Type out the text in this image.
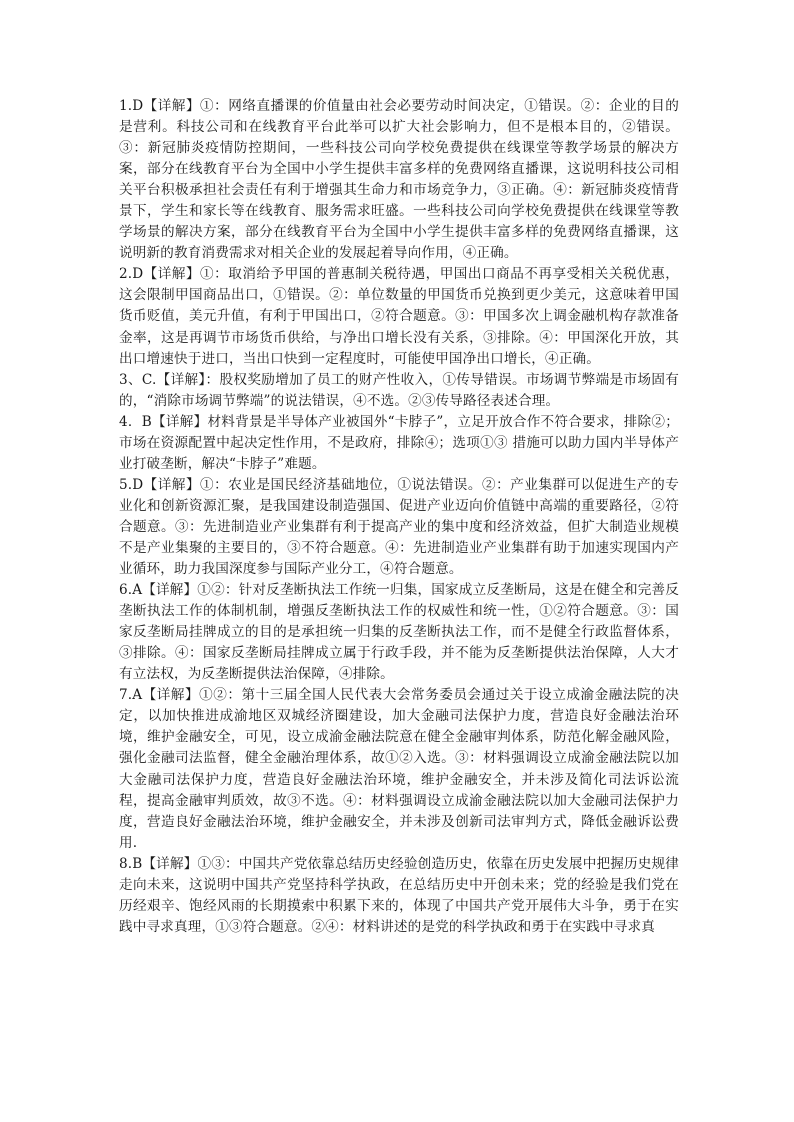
1.D【详解】①：网络直播课的价值量由社会必要劳动时间决定，①错误。②：企业的目的是营利。科技公司和在线教育平台此举可以扩大社会影响力，但不是根本目的，②错误。③：新冠肺炎疫情防控期间，一些科技公司向学校免费提供在线课堂等教学场景的解决方案，部分在线教育平台为全国中小学生提供丰富多样的免费网络直播课，这说明科技公司相关平台积极承担社会责任有利于增强其生命力和市场竞争力，③正确。④：新冠肺炎疫情背景下，学生和家长等在线教育、服务需求旺盛。一些科技公司向学校免费提供在线课堂等教学场景的解决方案，部分在线教育平台为全国中小学生提供丰富多样的免费网络直播课，这说明新的教育消费需求对相关企业的发展起着导向作用，④正确。

2.D【详解】①：取消给予甲国的普惠制关税待遇，甲国出口商品不再享受相关关税优惠，这会限制甲国商品出口，①错误。②：单位数量的甲国货币兑换到更少美元，这意味着甲国货币贬值，美元升值，有利于甲国出口，②符合题意。③：甲国多次上调金融机构存款准备金率，这是再调节市场货币供给，与净出口增长没有关系，③排除。④：甲国深化开放，其出口增速快于进口，当出口快到一定程度时，可能使甲国净出口增长，④正确。

3、C.【详解】：股权奖励增加了员工的财产性收入，①传导错误。市场调节弊端是市场固有的，“消除市场调节弊端”的说法错误，④不选。②③传导路径表述合理。

4．B【详解】材料背景是半导体产业被国外“卡脖子”，立足开放合作不符合要求，排除②；市场在资源配置中起决定性作用，不是政府，排除④；选项①③ 措施可以助力国内半导体产业打破垄断，解决“卡脖子”难题。

5.D【详解】①：农业是国民经济基础地位，①说法错误。②：产业集群可以促进生产的专业化和创新资源汇聚，是我国建设制造强国、促进产业迈向价值链中高端的重要路径，②符合题意。③：先进制造业产业集群有利于提高产业的集中度和经济效益，但扩大制造业规模不是产业集聚的主要目的，③不符合题意。④：先进制造业产业集群有助于加速实现国内产业循环，助力我国深度参与国际产业分工，④符合题意。

6.A【详解】①②：针对反垄断执法工作统一归集，国家成立反垄断局，这是在健全和完善反垄断执法工作的体制机制，增强反垄断执法工作的权威性和统一性，①②符合题意。③：国家反垄断局挂牌成立的目的是承担统一归集的反垄断执法工作，而不是健全行政监督体系，③排除。④：国家反垄断局挂牌成立属于行政手段，并不能为反垄断提供法治保障，人大才有立法权，为反垄断提供法治保障，④排除。

7.A【详解】①②：第十三届全国人民代表大会常务委员会通过关于设立成渝金融法院的决定，以加快推进成渝地区双城经济圈建设，加大金融司法保护力度，营造良好金融法治环境，维护金融安全，可见，设立成渝金融法院意在健全金融审判体系，防范化解金融风险，强化金融司法监督，健全金融治理体系，故①②入选。③：材料强调设立成渝金融法院以加大金融司法保护力度，营造良好金融法治环境，维护金融安全，并未涉及简化司法诉讼流程，提高金融审判质效，故③不选。④：材料强调设立成渝金融法院以加大金融司法保护力度，营造良好金融法治环境，维护金融安全，并未涉及创新司法审判方式，降低金融诉讼费用.

8.B【详解】①③：中国共产党依靠总结历史经验创造历史，依靠在历史发展中把握历史规律走向未来，这说明中国共产党坚持科学执政，在总结历史中开创未来；党的经验是我们党在历经艰辛、饱经风雨的长期摸索中积累下来的，体现了中国共产党开展伟大斗争，勇于在实践中寻求真理，①③符合题意。②④：材料讲述的是党的科学执政和勇于在实践中寻求真
